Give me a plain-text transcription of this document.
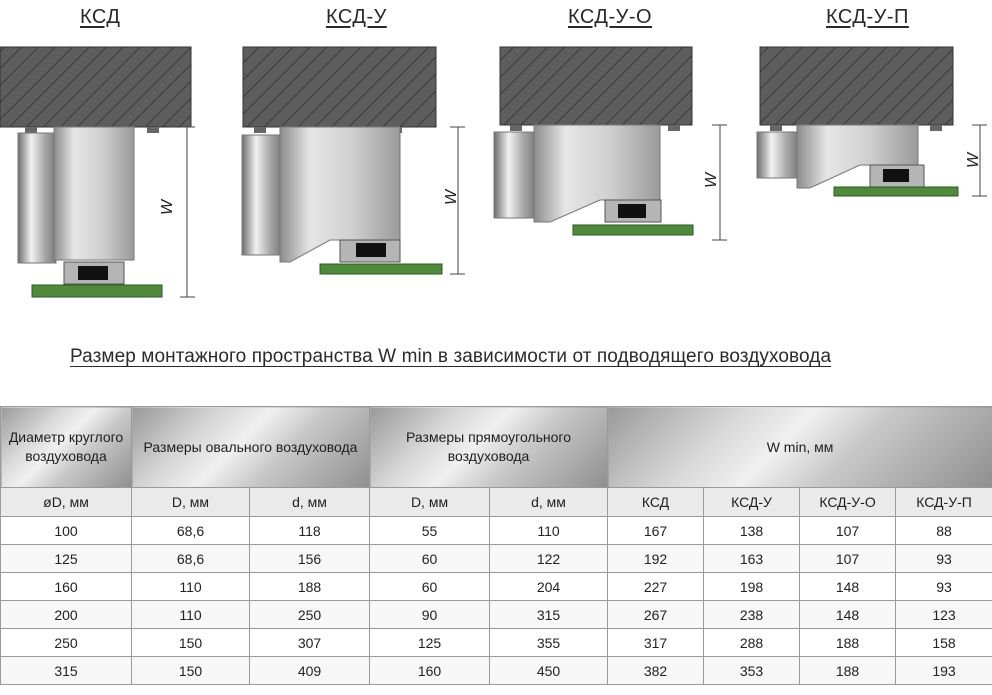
КСД	КСД-У	КСД-У-О	КСД-У-П
W
W
W
W
Размер монтажного пространства W min в зависимости от подводящего воздуховода
Диаметр круглого воздуховода	Размеры овального воздуховода		Размеры прямоугольного воздуховода		W min, мм			
øD, мм	D, мм	d, мм	D, мм	d, мм	КСД	КСД-У	КСД-У-О	КСД-У-П
100	68,6	118	55	110	167	138	107	88
125	68,6	156	60	122	192	163	107	93
160	110	188	60	204	227	198	148	93
200	110	250	90	315	267	238	148	123
250	150	307	125	355	317	288	188	158
315	150	409	160	450	382	353	188	193
